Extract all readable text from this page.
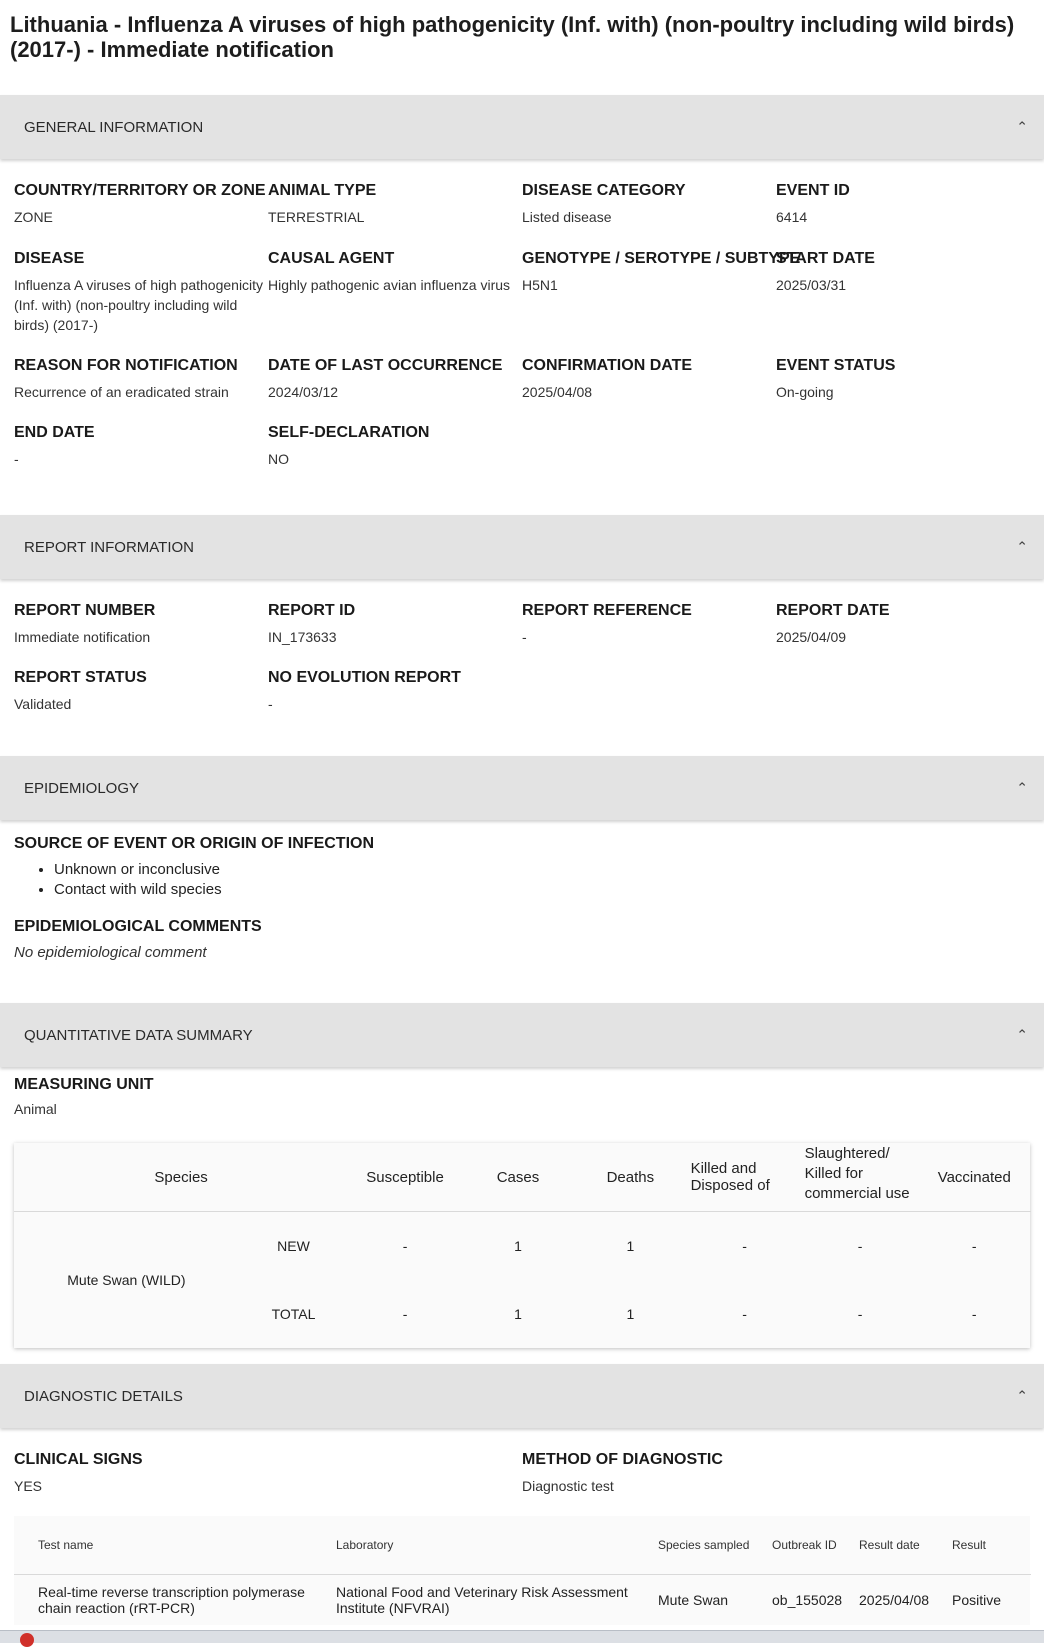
Lithuania - Influenza A viruses of high pathogenicity (Inf. with) (non-poultry including wild birds) (2017-) - Immediate notification
GENERAL INFORMATION	⌃
COUNTRY/TERRITORY OR ZONE
ZONE
ANIMAL TYPE
TERRESTRIAL
DISEASE CATEGORY
Listed disease
EVENT ID
6414
DISEASE
Influenza A viruses of high pathogenicity (Inf. with) (non-poultry including wild birds) (2017-)
CAUSAL AGENT
Highly pathogenic avian influenza virus
GENOTYPE / SEROTYPE / SUBTYPE
H5N1
START DATE
2025/03/31
REASON FOR NOTIFICATION
Recurrence of an eradicated strain
DATE OF LAST OCCURRENCE
2024/03/12
CONFIRMATION DATE
2025/04/08
EVENT STATUS
On-going
END DATE
-
SELF-DECLARATION
NO
REPORT INFORMATION	⌃
REPORT NUMBER
Immediate notification
REPORT ID
IN_173633
REPORT REFERENCE
-
REPORT DATE
2025/04/09
REPORT STATUS
Validated
NO EVOLUTION REPORT
-
EPIDEMIOLOGY	⌃
SOURCE OF EVENT OR ORIGIN OF INFECTION
• Unknown or inconclusive
• Contact with wild species
EPIDEMIOLOGICAL COMMENTS
No epidemiological comment
QUANTITATIVE DATA SUMMARY	⌃
MEASURING UNIT
Animal
Species		Susceptible	Cases	Deaths	Killed and Disposed of	Slaughtered/ Killed for commercial use	Vaccinated
Mute Swan (WILD)	NEW	-	1	1	-	-	-
	TOTAL	-	1	1	-	-	-
DIAGNOSTIC DETAILS	⌃
CLINICAL SIGNS
YES
METHOD OF DIAGNOSTIC
Diagnostic test
Test name	Laboratory	Species sampled	Outbreak ID	Result date	Result
Real-time reverse transcription polymerase chain reaction (rRT-PCR)	National Food and Veterinary Risk Assessment Institute (NFVRAI)	Mute Swan	ob_155028	2025/04/08	Positive
